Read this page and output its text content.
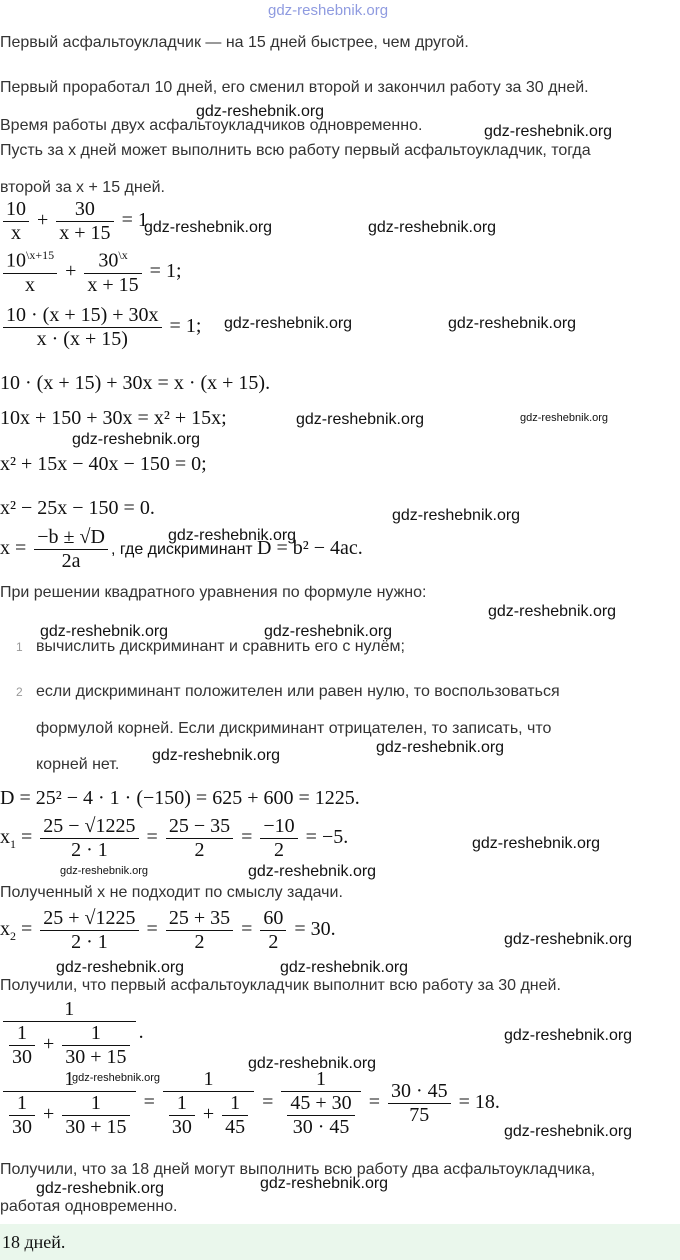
gdz-reshebnik.org
Первый асфальтоукладчик — на 15 дней быстрее, чем другой.
Первый проработал 10 дней, его сменил второй и закончил работу за 30 дней.
Время работы двух асфальтоукладчиков одновременно.
Пусть за x дней может выполнить всю работу первый асфальтоукладчик, тогда
второй за x + 15 дней.
$\frac{10}{x} + \frac{30}{x + 15} = 1$
$\frac{10^{\backslash x+15}}{x} + \frac{30^{\backslash x}}{x + 15} = 1$;
$\frac{10 \cdot (x + 15) + 30x}{x \cdot (x + 15)} = 1$;
10 · (x + 15) + 30x = x · (x + 15).
10x + 150 + 30x = x² + 15x;
x² + 15x − 40x − 150 = 0;
x² − 25x − 150 = 0.
$x = \frac{-b \pm √D}{2a}$ , где дискриминант D = b² − 4ac.
При решении квадратного уравнения по формуле нужно:
1 вычислить дискриминант и сравнить его с нулём;
2 если дискриминант положителен или равен нулю, то воспользоваться
формулой корней. Если дискриминант отрицателен, то записать, что
корней нет.
D = 25² − 4 · 1 · (−150) = 625 + 600 = 1225.
$x_1 = \frac{25 - √1225}{2 \cdot 1} = \frac{25 - 35}{2} = \frac{-10}{2} = -5$.
Полученный x не подходит по смыслу задачи.
$x_2 = \frac{25 + √1225}{2 \cdot 1} = \frac{25 + 35}{2} = \frac{60}{2} = 30$.
Получили, что первый асфальтоукладчик выполнит всю работу за 30 дней.
$\frac{1}{\frac{1}{30} + \frac{1}{30 + 15}}$ .
$\frac{1}{\frac{1}{30} + \frac{1}{30 + 15}} = \frac{1}{\frac{1}{30} + \frac{1}{45}} = \frac{1}{\frac{45 + 30}{30 \cdot 45}} = \frac{30 \cdot 45}{75} = 18$.
Получили, что за 18 дней могут выполнить всю работу два асфальтоукладчика,
работая одновременно.
18 дней.
gdz-reshebnik.org
gdz-reshebnik.org
gdz-reshebnik.org	gdz-reshebnik.org
gdz-reshebnik.org	gdz-reshebnik.org
gdz-reshebnik.org	gdz-reshebnik.org
gdz-reshebnik.org
gdz-reshebnik.org
gdz-reshebnik.org
gdz-reshebnik.org
gdz-reshebnik.org	gdz-reshebnik.org
gdz-reshebnik.org
gdz-reshebnik.org
gdz-reshebnik.org
gdz-reshebnik.org	gdz-reshebnik.org
gdz-reshebnik.org
gdz-reshebnik.org	gdz-reshebnik.org
gdz-reshebnik.org
gdz-reshebnik.org
gdz-reshebnik.org
gdz-reshebnik.org
gdz-reshebnik.org	gdz-reshebnik.org
